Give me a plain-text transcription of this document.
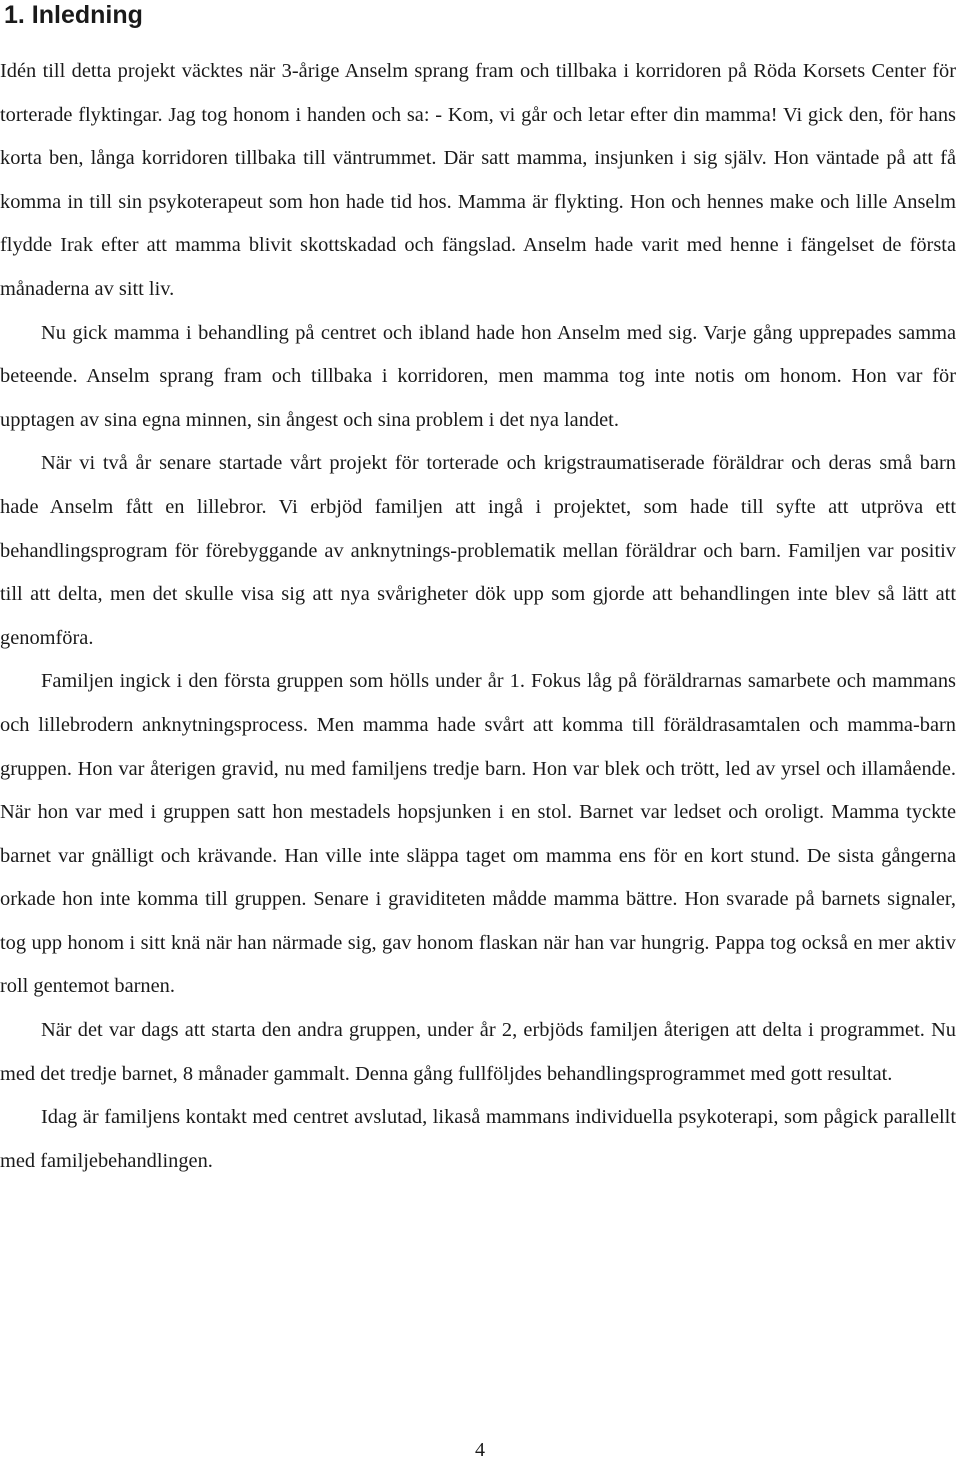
1. Inledning

Idén till detta projekt väcktes när 3-årige Anselm sprang fram och tillbaka i korridoren på Röda Korsets Center för torterade flyktingar. Jag tog honom i handen och sa: - Kom, vi går och letar efter din mamma! Vi gick den, för hans korta ben, långa korridoren tillbaka till väntrummet. Där satt mamma, insjunken i sig själv. Hon väntade på att få komma in till sin psykoterapeut som hon hade tid hos. Mamma är flykting. Hon och hennes make och lille Anselm flydde Irak efter att mamma blivit skottskadad och fängslad. Anselm hade varit med henne i fängelset de första månaderna av sitt liv.

Nu gick mamma i behandling på centret och ibland hade hon Anselm med sig. Varje gång upprepades samma beteende. Anselm sprang fram och tillbaka i korridoren, men mamma tog inte notis om honom. Hon var för upptagen av sina egna minnen, sin ångest och sina problem i det nya landet.

När vi två år senare startade vårt projekt för torterade och krigstraumatiserade föräldrar och deras små barn hade Anselm fått en lillebror. Vi erbjöd familjen att ingå i projektet, som hade till syfte att utpröva ett behandlingsprogram för förebyggande av anknytnings-problematik mellan föräldrar och barn. Familjen var positiv till att delta, men det skulle visa sig att nya svårigheter dök upp som gjorde att behandlingen inte blev så lätt att genomföra.

Familjen ingick i den första gruppen som hölls under år 1. Fokus låg på föräldrarnas samarbete och mammans och lillebrodern anknytningsprocess. Men mamma hade svårt att komma till föräldrasamtalen och mamma-barn gruppen. Hon var återigen gravid, nu med familjens tredje barn. Hon var blek och trött, led av yrsel och illamående. När hon var med i gruppen satt hon mestadels hopsjunken i en stol. Barnet var ledset och oroligt. Mamma tyckte barnet var gnälligt och krävande. Han ville inte släppa taget om mamma ens för en kort stund. De sista gångerna orkade hon inte komma till gruppen. Senare i graviditeten mådde mamma bättre. Hon svarade på barnets signaler, tog upp honom i sitt knä när han närmade sig, gav honom flaskan när han var hungrig. Pappa tog också en mer aktiv roll gentemot barnen.

När det var dags att starta den andra gruppen, under år 2, erbjöds familjen återigen att delta i programmet. Nu med det tredje barnet, 8 månader gammalt. Denna gång fullföljdes behandlingsprogrammet med gott resultat.

Idag är familjens kontakt med centret avslutad, likaså mammans individuella psykoterapi, som pågick parallellt med familjebehandlingen.

4
